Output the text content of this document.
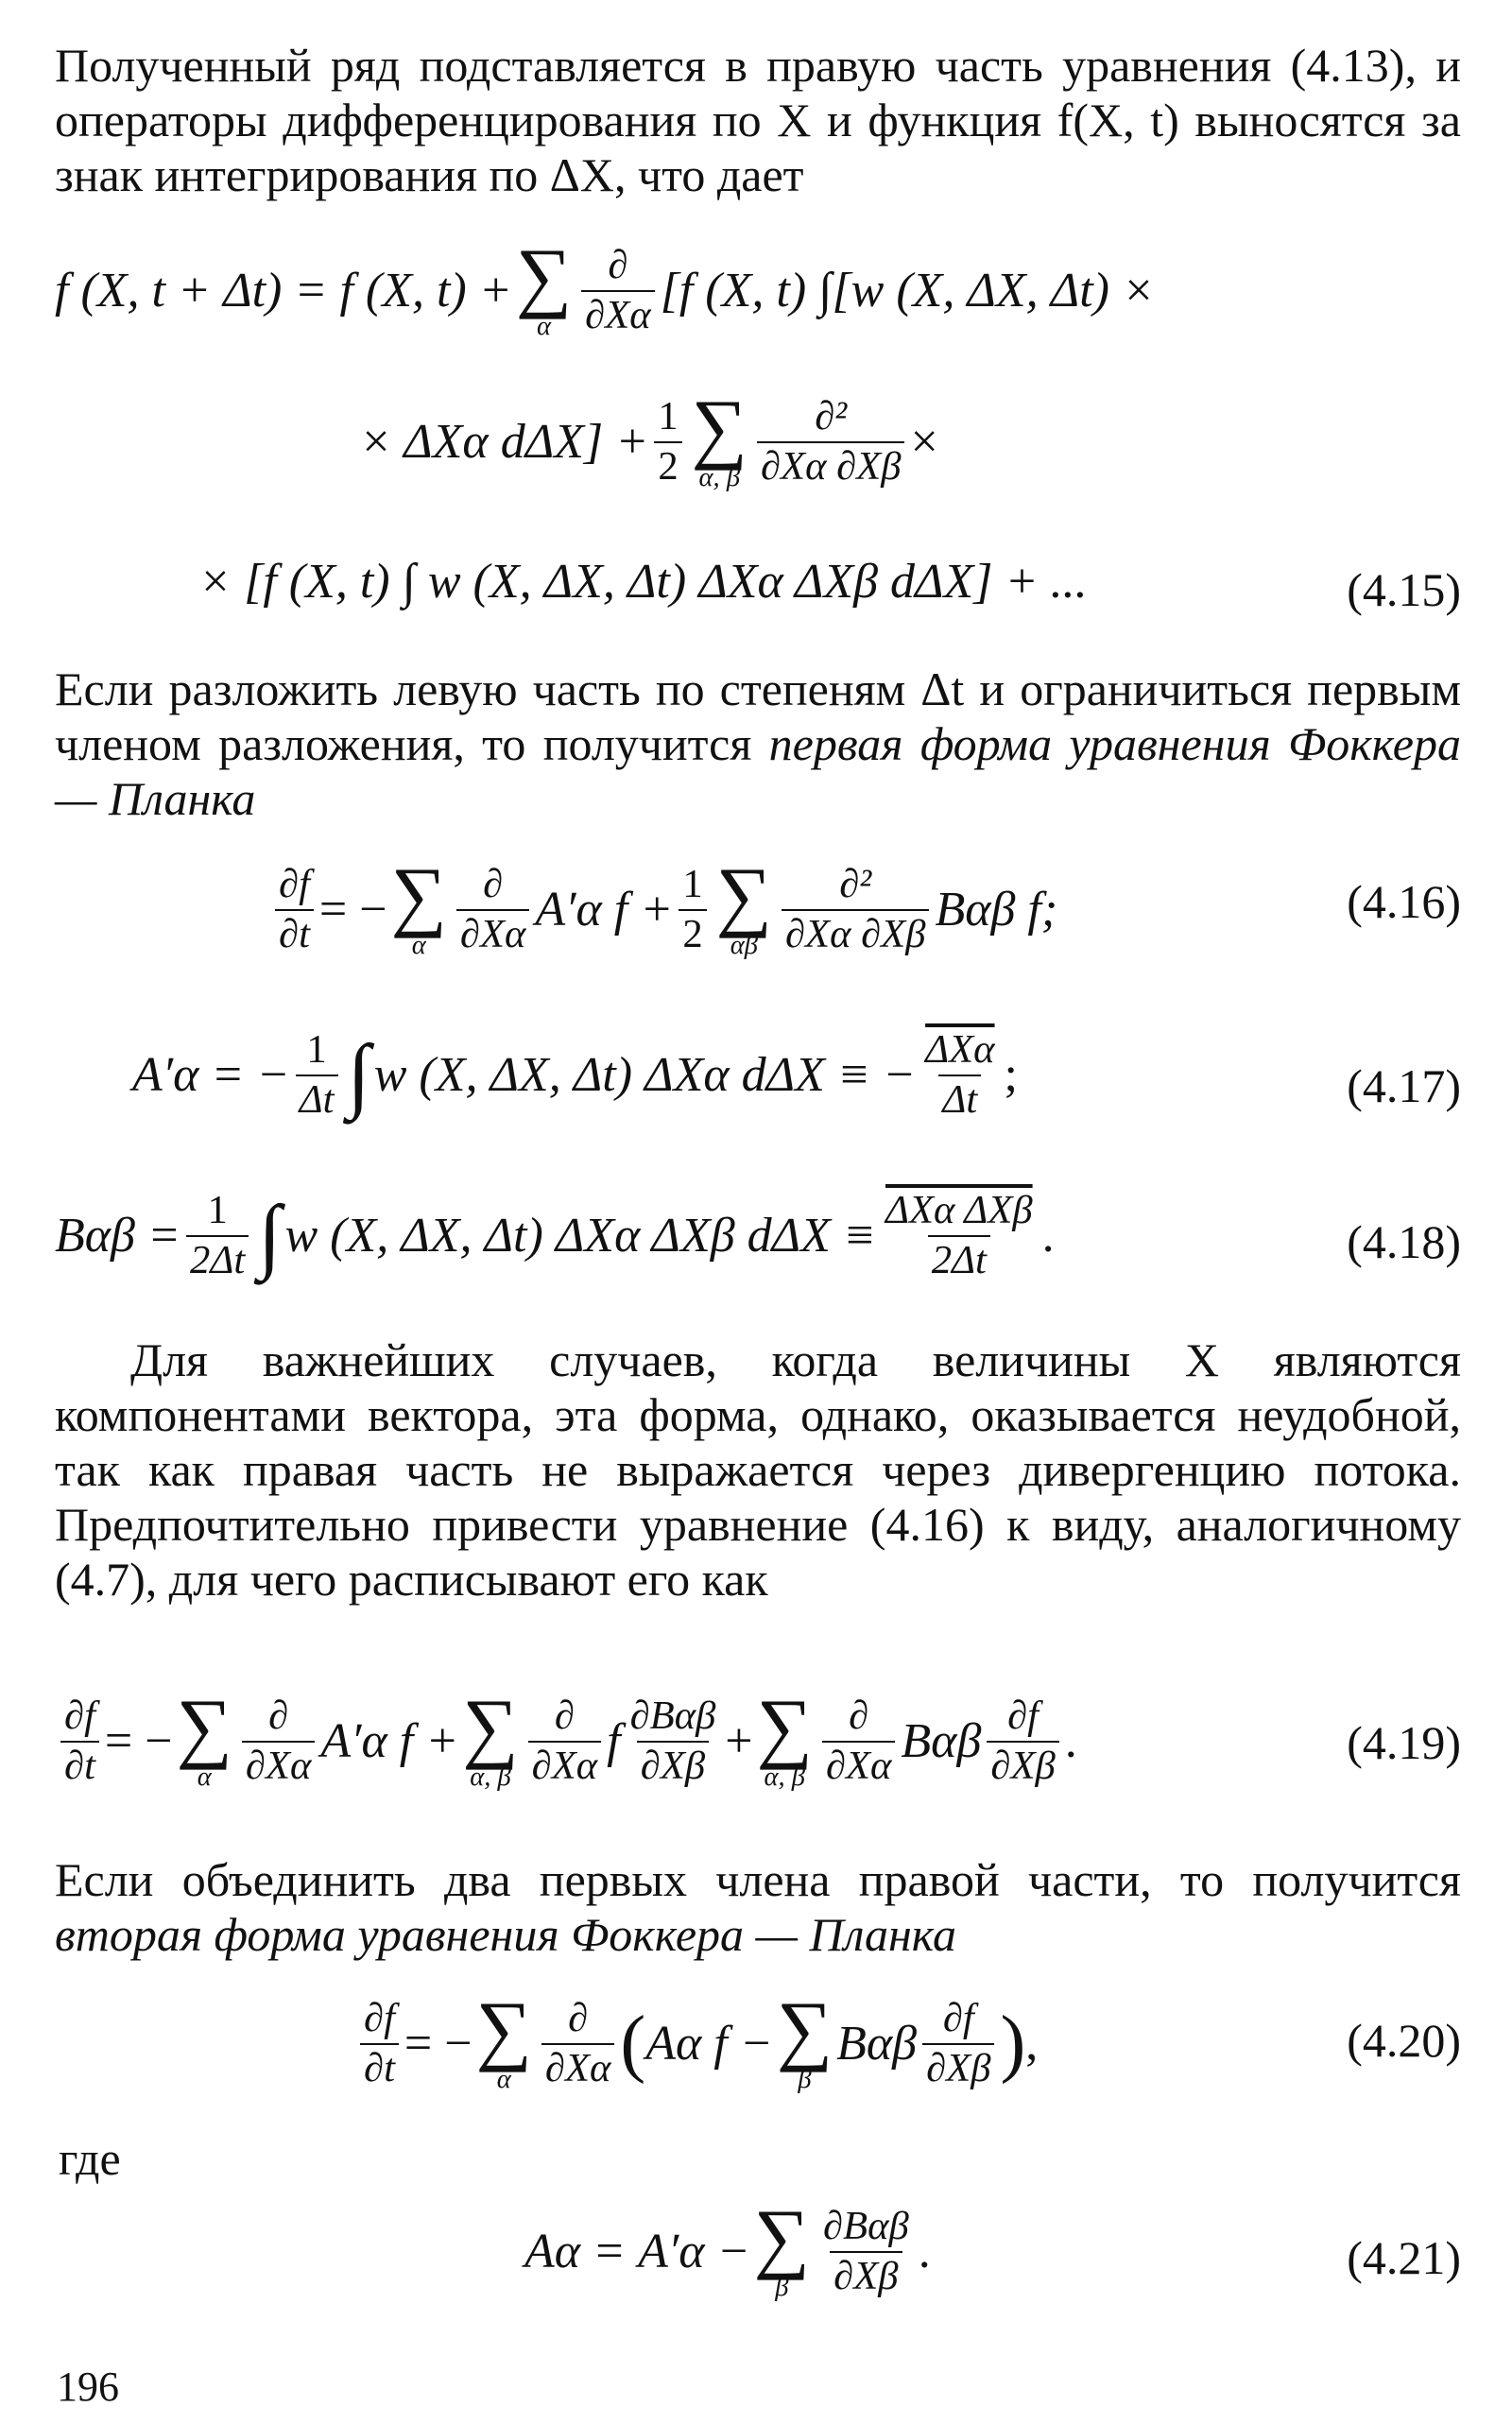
Полученный ряд подставляется в правую часть уравнения (4.13), и операторы дифференцирования по X и функция f(X, t) выносятся за знак интегрирования по ΔX, что дает
f (X, t + Δt) = f (X, t) + ∑
α $\frac{\partial}{\partial X\alpha} [f$ (X, t) ∫[w (X, ΔX, Δt) ×
× ΔXα $d\Delta X] + \frac{1}{2}$ ∑
α, β $\frac{\text{∂²}}{\partial X\alpha \partial X\beta}$ ×
× [f (X, t) ∫ w (X, ΔX, Δt) ΔXα ΔXβ dΔX] + ...	(4.15)
Если разложить левую часть по степеням Δt и ограничиться первым членом разложения, то получится первая форма уравнения Фоккера — Планка
$\frac{\partial f}{\partial t}$ = − ∑
α $\frac{\partial}{\partial X\alpha} A'\alpha$ $f + \frac{1}{2}$ ∑
αβ $\frac{\text{∂²}}{\partial X\alpha \partial X\beta}$ Bαβ f;	(4.16)
A′α = − $\frac{1}{\Delta t}$ ∫ w (X, ΔX, Δt) ΔXα dΔX ≡ − $\frac{\overline{\Delta X\alpha}}{\Delta t}$ ;	(4.17)
$B\alpha\beta = \frac{1}{2\Delta t}$ ∫ w (X, ΔX, Δt) ΔXα ΔXβ $d\Delta X \equiv \frac{\text{ΔXα ΔXβ}}{2\Delta t}$ .	(4.18)
Для важнейших случаев, когда величины X являются компонентами вектора, эта форма, однако, оказывается неудобной, так как правая часть не выражается через дивергенцию потока. Предпочтительно привести уравнение (4.16) к виду, аналогичному (4.7), для чего расписывают его как
$\frac{\partial f}{\partial t}$ = − ∑
α $\frac{\partial}{\partial X\alpha} A'\alpha$ f + ∑
α, β $\frac{\partial}{\partial X\alpha}$ f $\frac{\text{∂Bαβ}}{\partial X\beta}$ + ∑
α, β $\frac{\partial}{\partial X\alpha}$ Bαβ $\frac{\partial f}{\partial X\beta}$ .	(4.19)
Если объединить два первых члена правой части, то получится вторая форма уравнения Фоккера — Планка
$\frac{\partial f}{\partial t}$ = − ∑
α $\frac{\partial}{\partial X\alpha}$ ( Aα f − ∑
β
Bαβ $\frac{\partial f}{\partial X\beta}$ ) ,	(4.20)
где
Aα = A′α − ∑
β $\frac{\text{∂Bαβ}}{\partial X\beta}$ .	(4.21)
196
